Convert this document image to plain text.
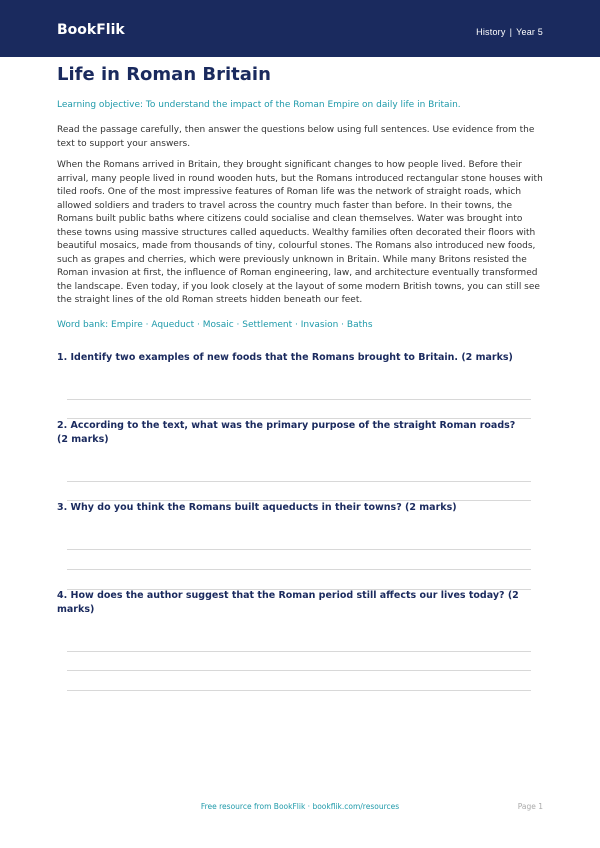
BookFlik	History | Year 5
Life in Roman Britain

Learning objective: To understand the impact of the Roman Empire on daily life in Britain.

Read the passage carefully, then answer the questions below using full sentences. Use evidence from the text to support your answers.

When the Romans arrived in Britain, they brought significant changes to how people lived. Before their arrival, many people lived in round wooden huts, but the Romans introduced rectangular stone houses with tiled roofs. One of the most impressive features of Roman life was the network of straight roads, which allowed soldiers and traders to travel across the country much faster than before. In their towns, the Romans built public baths where citizens could socialise and clean themselves. Water was brought into these towns using massive structures called aqueducts. Wealthy families often decorated their floors with beautiful mosaics, made from thousands of tiny, colourful stones. The Romans also introduced new foods, such as grapes and cherries, which were previously unknown in Britain. While many Britons resisted the Roman invasion at first, the influence of Roman engineering, law, and architecture eventually transformed the landscape. Even today, if you look closely at the layout of some modern British towns, you can still see the straight lines of the old Roman streets hidden beneath our feet.

Word bank: Empire · Aqueduct · Mosaic · Settlement · Invasion · Baths

1. Identify two examples of new foods that the Romans brought to Britain. (2 marks)
2. According to the text, what was the primary purpose of the straight Roman roads? (2 marks)
3. Why do you think the Romans built aqueducts in their towns? (2 marks)
4. How does the author suggest that the Roman period still affects our lives today? (2 marks)
Free resource from BookFlik · bookflik.com/resources	Page 1
